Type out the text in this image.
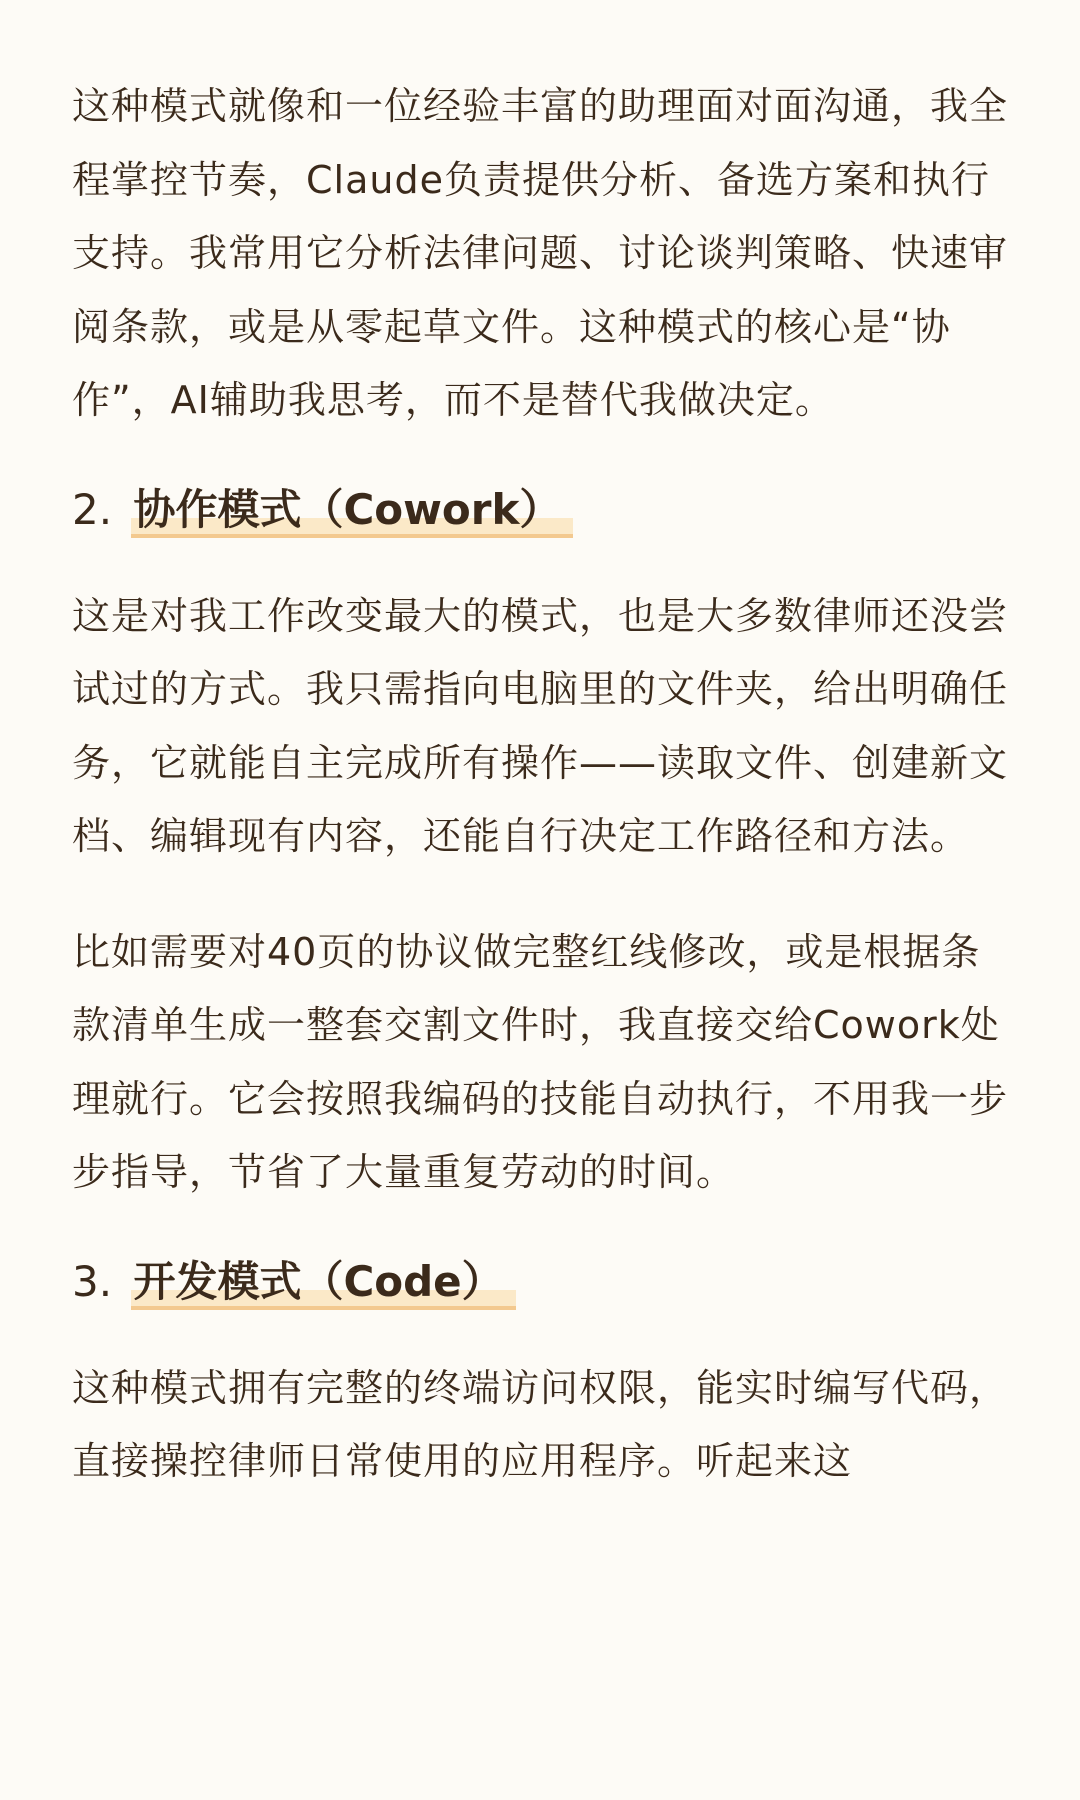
这种模式就像和一位经验丰富的助理面对面沟通，我全程掌控节奏，Claude负责提供分析、备选方案和执行支持。我常用它分析法律问题、讨论谈判策略、快速审阅条款，或是从零起草文件。这种模式的核心是“协作”，AI辅助我思考，而不是替代我做决定。

2. 协作模式（Cowork）

这是对我工作改变最大的模式，也是大多数律师还没尝试过的方式。我只需指向电脑里的文件夹，给出明确任务，它就能自主完成所有操作——读取文件、创建新文档、编辑现有内容，还能自行决定工作路径和方法。

比如需要对40页的协议做完整红线修改，或是根据条款清单生成一整套交割文件时，我直接交给Cowork处理就行。它会按照我编码的技能自动执行，不用我一步步指导，节省了大量重复劳动的时间。

3. 开发模式（Code）

这种模式拥有完整的终端访问权限，能实时编写代码，直接操控律师日常使用的应用程序。听起来这
